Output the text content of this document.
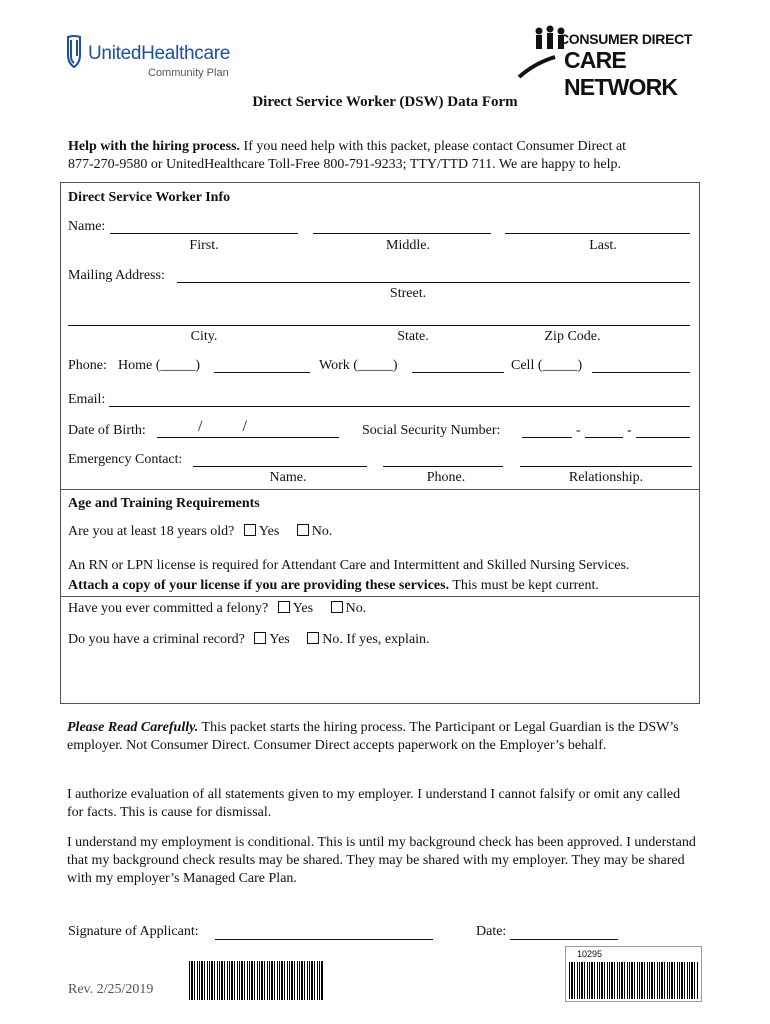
UnitedHealthcare
Community Plan
CONSUMER DIRECT
CARE NETWORK
Direct Service Worker (DSW) Data Form
Help with the hiring process. If you need help with this packet, please contact Consumer Direct at
877-270-9580 or UnitedHealthcare Toll-Free 800-791-9233; TTY/TTD 711. We are happy to help.
Direct Service Worker Info
Name:
First.	Middle.	Last.
Mailing Address:
Street.
City.	State.	Zip Code.
Phone: Home (_____)	Work (_____)	Cell (_____)
Email:
Date of Birth:	/          /	Social Security Number:	-	-
Emergency Contact:
Name.	Phone.	Relationship.
Age and Training Requirements
Are you at least 18 years old? Yes No.
An RN or LPN license is required for Attendant Care and Intermittent and Skilled Nursing Services.
Attach a copy of your license if you are providing these services. This must be kept current.
Have you ever committed a felony? Yes No.
Do you have a criminal record? Yes No. If yes, explain.
Please Read Carefully. This packet starts the hiring process. The Participant or Legal Guardian is the DSW’s employer. Not Consumer Direct. Consumer Direct accepts paperwork on the Employer’s behalf.
I authorize evaluation of all statements given to my employer. I understand I cannot falsify or omit any called for facts. This is cause for dismissal.
I understand my employment is conditional. This is until my background check has been approved. I understand that my background check results may be shared. They may be shared with my employer. They may be shared with my employer’s Managed Care Plan.
Signature of Applicant:	Date:
Rev. 2/25/2019
10295
